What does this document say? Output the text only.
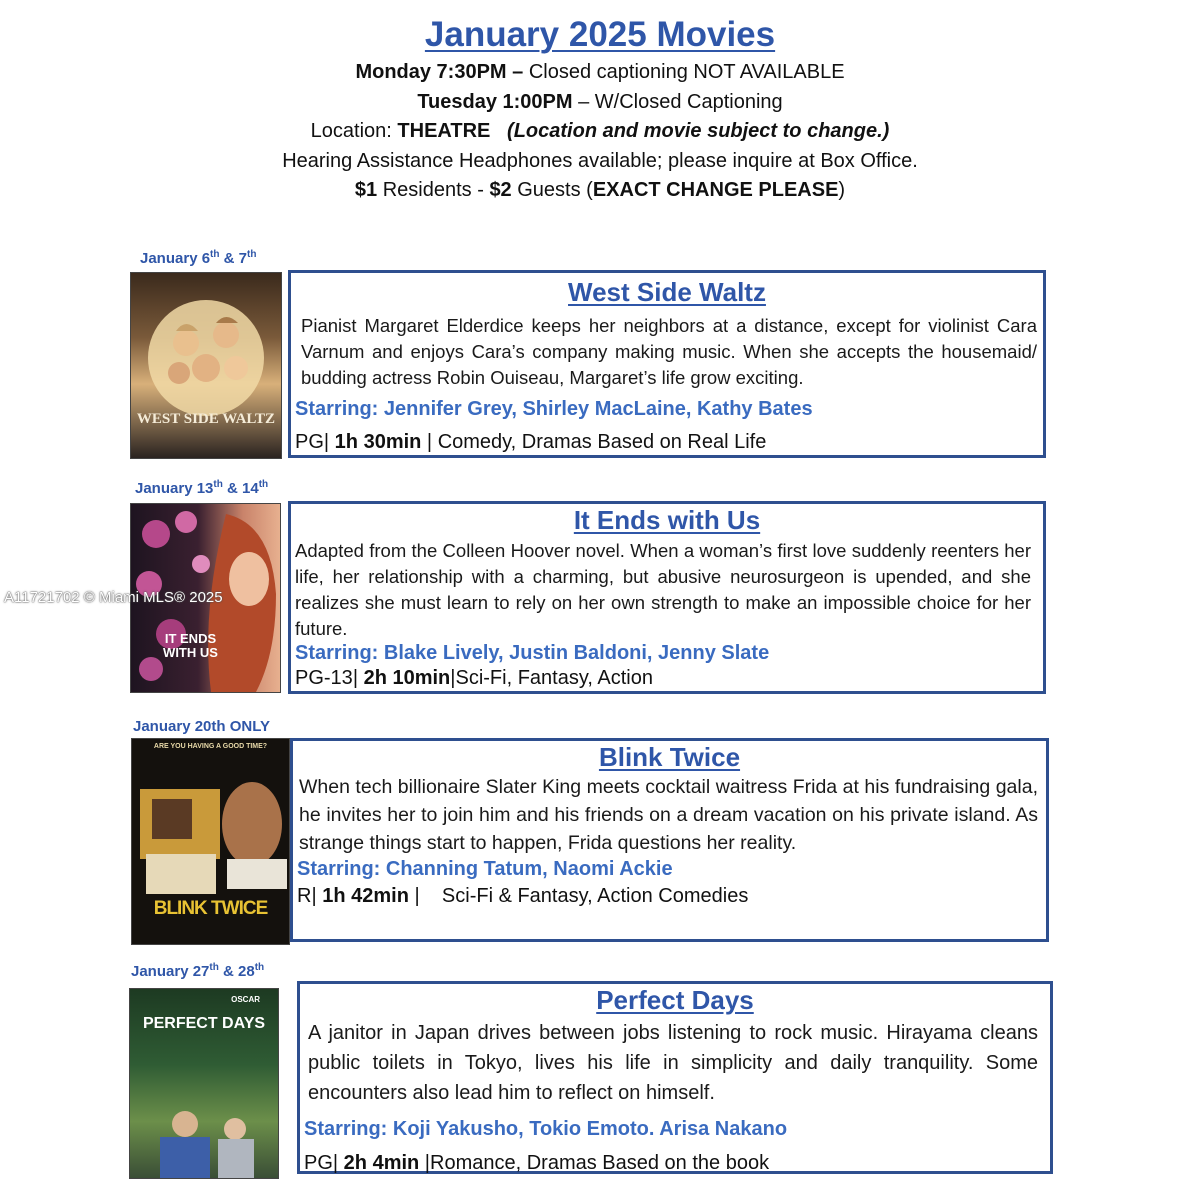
January 2025 Movies
Monday 7:30PM – Closed captioning NOT AVAILABLE
Tuesday 1:00PM – W/Closed Captioning
Location: THEATRE (Location and movie subject to change.)
Hearing Assistance Headphones available; please inquire at Box Office.
$1 Residents - $2 Guests (EXACT CHANGE PLEASE)
January 6th & 7th
WEST SIDE WALTZ
West Side Waltz
Pianist Margaret Elderdice keeps her neighbors at a distance, except for violinist Cara Varnum and enjoys Cara’s company making music. When she accepts the housemaid/ budding actress Robin Ouiseau, Margaret’s life grow exciting.
Starring: Jennifer Grey, Shirley MacLaine, Kathy Bates
PG| 1h 30min | Comedy, Dramas Based on Real Life
January 13th & 14th
IT ENDS WITH US
It Ends with Us
Adapted from the Colleen Hoover novel. When a woman’s first love suddenly reenters her life, her relationship with a charming, but abusive neurosurgeon is upended, and she realizes she must learn to rely on her own strength to make an impossible choice for her future.
Starring: Blake Lively, Justin Baldoni, Jenny Slate
PG-13| 2h 10min|Sci-Fi, Fantasy, Action
January 20th ONLY
ARE YOU HAVING A GOOD TIME?
BLINK TWICE
Blink Twice
When tech billionaire Slater King meets cocktail waitress Frida at his fundraising gala, he invites her to join him and his friends on a dream vacation on his private island. As strange things start to happen, Frida questions her reality.
Starring: Channing Tatum, Naomi Ackie
R| 1h 42min |    Sci-Fi & Fantasy, Action Comedies
January 27th & 28th
OSCAR
PERFECT DAYS
Perfect Days
A janitor in Japan drives between jobs listening to rock music. Hirayama cleans public toilets in Tokyo, lives his life in simplicity and daily tranquility. Some encounters also lead him to reflect on himself.
Starring: Koji Yakusho, Tokio Emoto. Arisa Nakano
PG| 2h 4min |Romance, Dramas Based on the book
A11721702 © Miami MLS® 2025
